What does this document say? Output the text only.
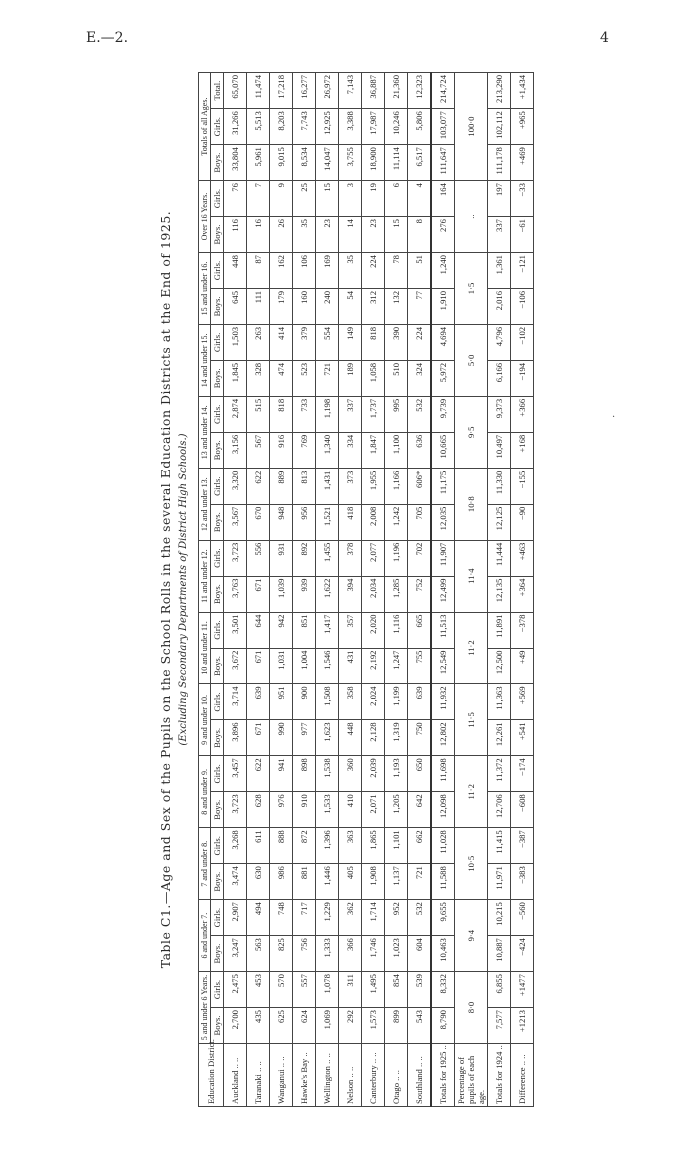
E.—2.	4
·
Table C1.—Age and Sex of the Pupils on the School Rolls in the several Education Districts at the End of 1925. (Excluding Secondary Departments of District High Schools.)
Education District.	5 and under 6 Years.		6 and under 7.		7 and under 8.		8 and under 9.		9 and under 10.		10 and under 11.		11 and under 12.		12 and under 13.		13 and under 14.		14 and under 15.		15 and under 16.		Over 16 Years.		Totals of all Ages.		
	Boys.	Girls.	Boys.	Girls.	Boys.	Girls.	Boys.	Girls.	Boys.	Girls.	Boys.	Girls.	Boys.	Girls.	Boys.	Girls.	Boys.	Girls.	Boys.	Girls.	Boys.	Girls.	Boys.	Girls.	Boys.	Girls.	Total.
Auckland .. ..	2,700	2,475	3,247	2,907	3,474	3,268	3,723	3,457	3,896	3,714	3,672	3,501	3,763	3,723	3,567	3,320	3,156	2,874	1,845	1,503	645	448	116	76	33,804	31,266	65,070
Taranaki .. ..	435	453	563	494	630	611	628	622	671	639	671	644	671	556	670	622	567	515	328	263	111	87	16	7	5,961	5,513	11,474
Wanganui .. ..	625	570	825	748	986	888	976	941	990	951	1,031	942	1,039	931	948	889	916	818	474	414	179	162	26	9	9,015	8,203	17,218
Hawke's Bay ..	624	557	756	717	881	872	910	898	977	900	1,004	851	939	892	956	813	769	733	523	379	160	106	35	25	8,534	7,743	16,277
Wellington .. ..	1,069	1,078	1,333	1,229	1,446	1,396	1,533	1,538	1,623	1,508	1,546	1,417	1,622	1,455	1,521	1,431	1,340	1,198	721	554	240	169	23	15	14,047	12,925	26,972
Nelson .. ..	292	311	366	362	405	363	410	360	448	358	431	357	394	378	418	373	334	337	189	149	54	35	14	3	3,755	3,388	7,143
Canterbury .. ..	1,573	1,495	1,746	1,714	1,908	1,865	2,071	2,039	2,128	2,024	2,192	2,020	2,034	2,077	2,008	1,955	1,847	1,737	1,058	818	312	224	23	19	18,900	17,987	36,887
Otago .. ..	899	854	1,023	952	1,137	1,101	1,205	1,193	1,319	1,199	1,247	1,116	1,285	1,196	1,242	1,166	1,100	995	510	390	132	78	15	6	11,114	10,246	21,360
Southland .. ..	543	539	604	532	721	662	642	650	750	639	755	665	752	702	705	606*	636	532	324	224	77	51	8	4	6,517	5,806	12,323
Totals for 1925 ..	8,790	8,332	10,463	9,655	11,588	11,028	12,098	11,698	12,802	11,932	12,549	11,513	12,499	11,907	12,035	11,175	10,665	9,739	5,972	4,694	1,910	1,240	276	164	111,647	103,077	214,724
Percentage of pupils of each age.	8·0		9·4		10·5		11·2		11·5		11·2		11·4		10·8		9·5		5·0		1·5		..		100·0		
Totals for 1924 ..	7,577	6,855	10,887	10,215	11,971	11,415	12,706	11,372	12,261	11,363	12,500	11,891	12,135	11,444	12,125	11,330	10,497	9,373	6,166	4,796	2,016	1,361	337	197	111,178	102,112	213,290
Difference .. ..	+1213	+1477	−424	−560	−383	−387	−608	−174	+541	+569	+49	−378	+364	+463	−90	−155	+168	+366	−194	−102	−106	−121	−61	−33	+469	+965	+1,434
